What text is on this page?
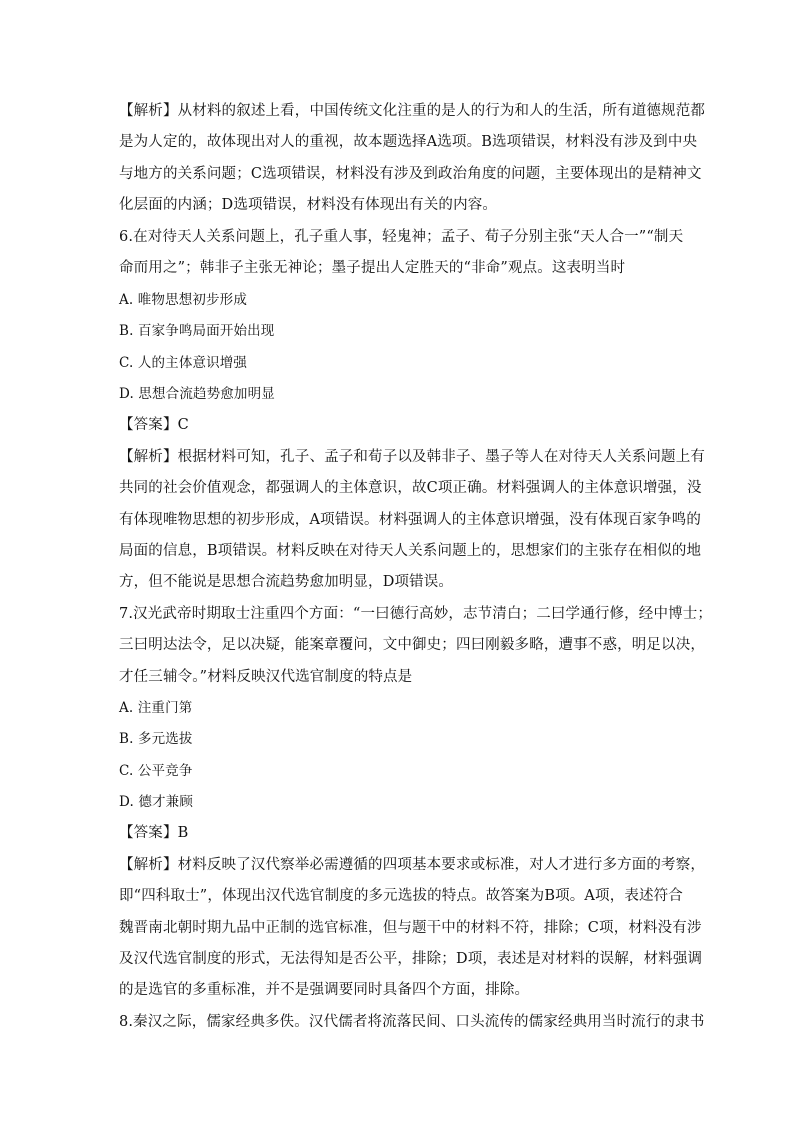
【解析】从材料的叙述上看，中国传统文化注重的是人的行为和人的生活，所有道德规范都
是为人定的，故体现出对人的重视，故本题选择A选项。B选项错误，材料没有涉及到中央
与地方的关系问题；C选项错误，材料没有涉及到政治角度的问题，主要体现出的是精神文
化层面的内涵；D选项错误，材料没有体现出有关的内容。
6.在对待天人关系问题上，孔子重人事，轻鬼神；孟子、荀子分别主张“天人合一”“制天
命而用之”；韩非子主张无神论；墨子提出人定胜天的“非命”观点。这表明当时
A. 唯物思想初步形成
B. 百家争鸣局面开始出现
C. 人的主体意识增强
D. 思想合流趋势愈加明显
【答案】C
【解析】根据材料可知，孔子、孟子和荀子以及韩非子、墨子等人在对待天人关系问题上有
共同的社会价值观念，都强调人的主体意识，故C项正确。材料强调人的主体意识增强，没
有体现唯物思想的初步形成，A项错误。材料强调人的主体意识增强，没有体现百家争鸣的
局面的信息，B项错误。材料反映在对待天人关系问题上的，思想家们的主张存在相似的地
方，但不能说是思想合流趋势愈加明显，D项错误。
7.汉光武帝时期取士注重四个方面：“一曰德行高妙，志节清白；二曰学通行修，经中博士；
三曰明达法令，足以决疑，能案章覆问，文中御史；四曰刚毅多略，遭事不惑，明足以决，
才任三辅令。”材料反映汉代选官制度的特点是
A. 注重门第
B. 多元选拔
C. 公平竞争
D. 德才兼顾
【答案】B
【解析】材料反映了汉代察举必需遵循的四项基本要求或标准，对人才进行多方面的考察，
即“四科取士”，体现出汉代选官制度的多元选拔的特点。故答案为B项。A项，表述符合
魏晋南北朝时期九品中正制的选官标准，但与题干中的材料不符，排除；C项，材料没有涉
及汉代选官制度的形式，无法得知是否公平，排除；D项，表述是对材料的误解，材料强调
的是选官的多重标准，并不是强调要同时具备四个方面，排除。
8.秦汉之际，儒家经典多佚。汉代儒者将流落民间、口头流传的儒家经典用当时流行的隶书
